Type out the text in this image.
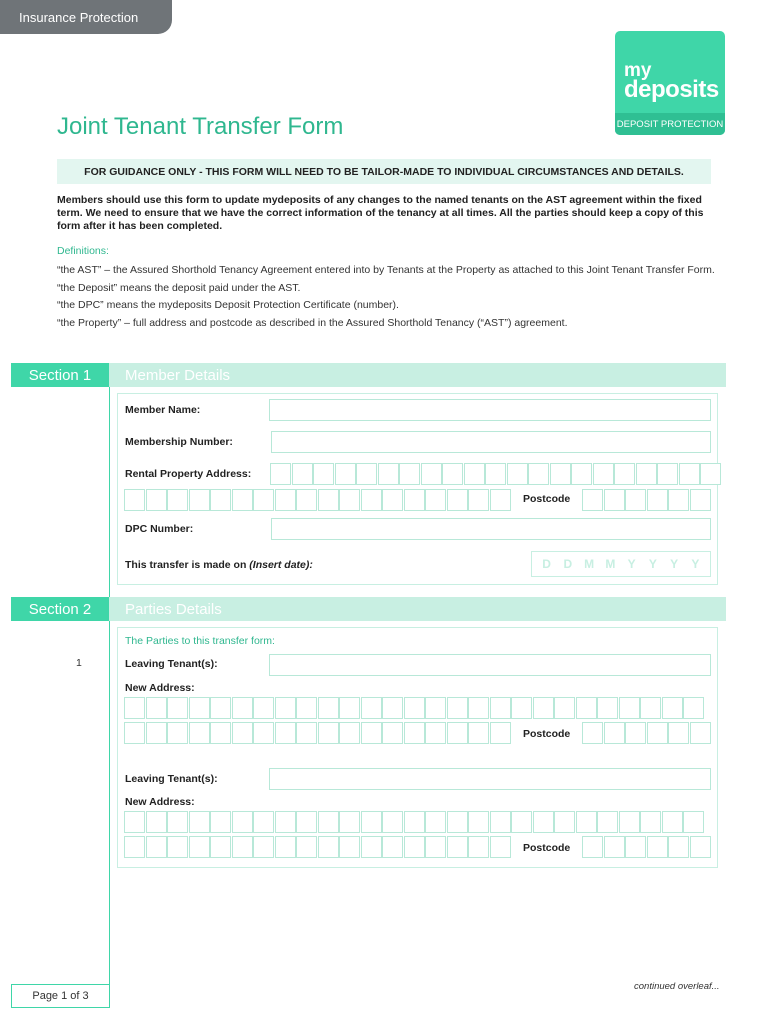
Insurance Protection
my
deposits
DEPOSIT PROTECTION
Joint Tenant Transfer Form
FOR GUIDANCE ONLY - THIS FORM WILL NEED TO BE TAILOR-MADE TO INDIVIDUAL CIRCUMSTANCES AND DETAILS.
Members should use this form to update mydeposits of any changes to the named tenants on the AST agreement within the fixed term. We need to ensure that we have the correct information of the tenancy at all times. All the parties should keep a copy of this form after it has been completed.
Definitions:

“the AST” – the Assured Shorthold Tenancy Agreement entered into by Tenants at the Property as attached to this Joint Tenant Transfer Form.

“the Deposit” means the deposit paid under the AST.

“the DPC” means the mydeposits Deposit Protection Certificate (number).

“the Property” – full address and postcode as described in the Assured Shorthold Tenancy (“AST”) agreement.

Section 1	Member Details
Member Name:
Membership Number:
Rental Property Address:
Postcode
DPC Number:
This transfer is made on (Insert date):	D	D M M	Y	Y	Y	Y
Section 2	Parties Details
The Parties to this transfer form:
1	Leaving Tenant(s):
New Address:
Postcode
Leaving Tenant(s):
New Address:
Postcode
continued overleaf...
Page 1 of 3
